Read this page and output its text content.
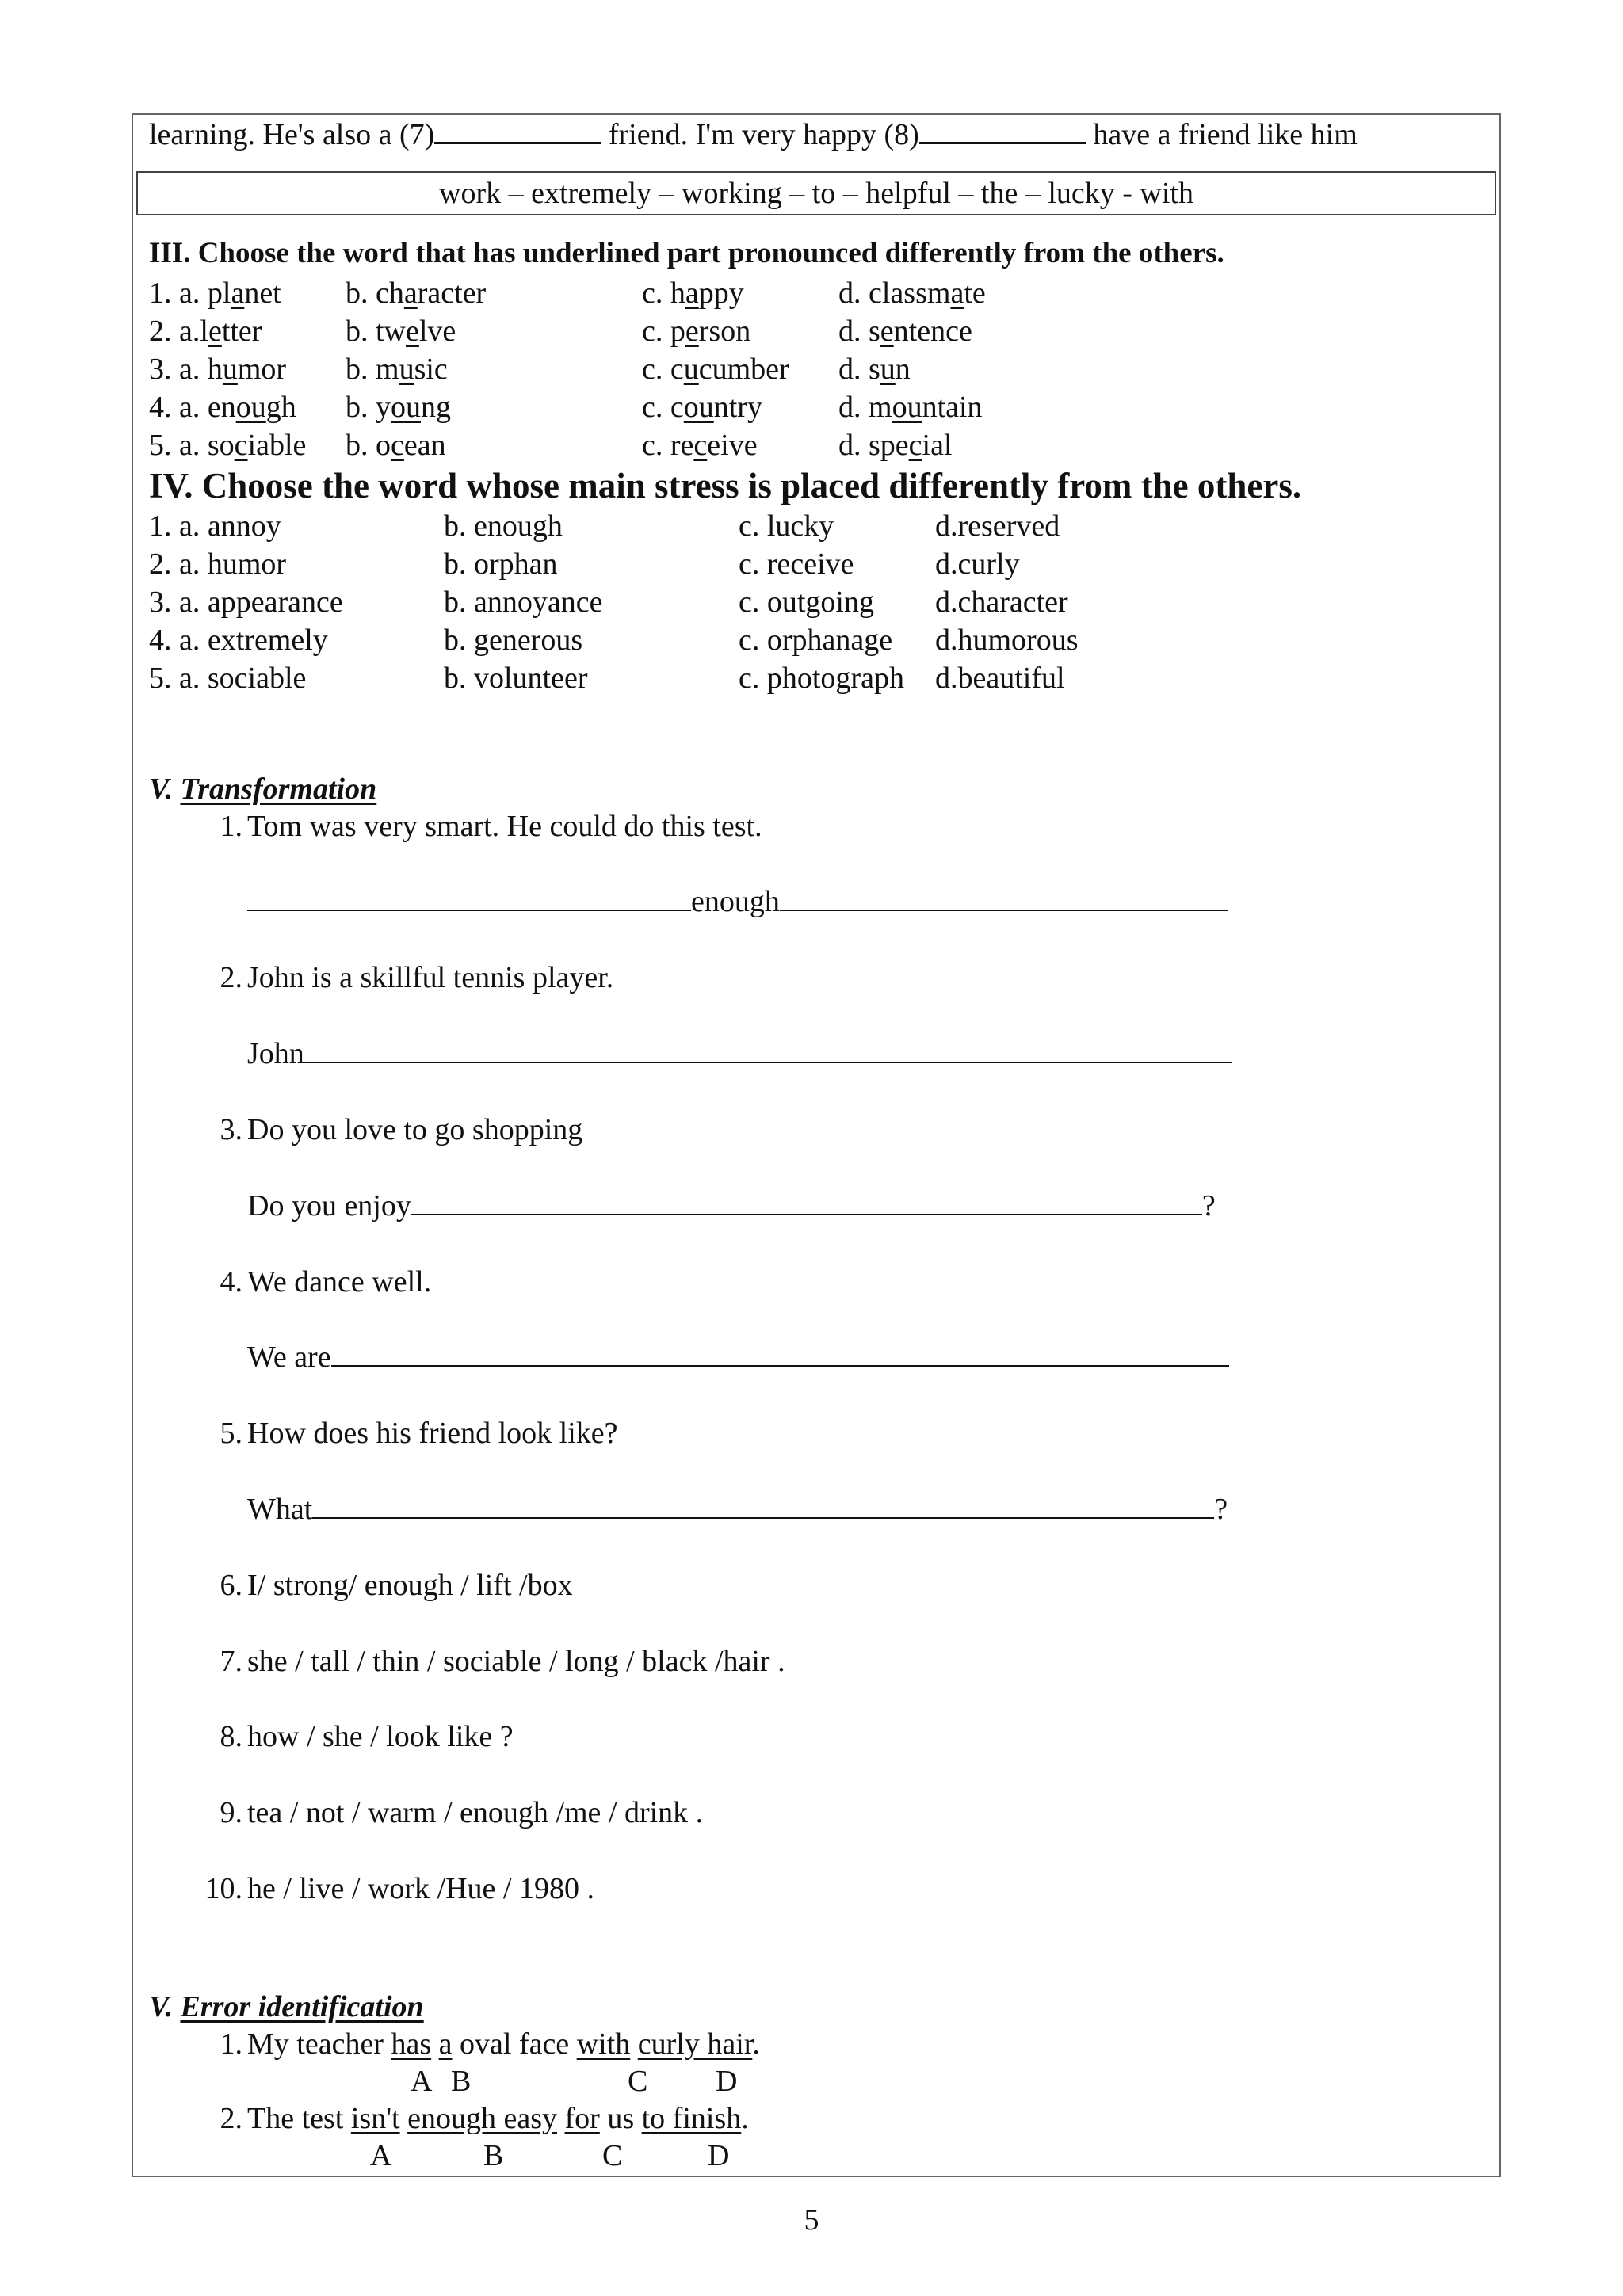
learning. He's also a (7)	friend. I'm very happy (8)	have a friend like him
work – extremely – working – to – helpful – the – lucky - with
III. Choose the word that has underlined part pronounced differently from the others.
1. a. planet b. character	c. happy	d. classmate
2. a.letter	b. twelve	c. person	d. sentence
3. a. humor b. music	c. cucumber d. sun
4. a. enough b. young	c. country	d. mountain
5. a. sociable b. ocean	c. receive	d. special
IV. Choose the word whose main stress is placed differently from the others.
1. a. annoy	b. enough	c. lucky	d.reserved
2. a. humor	b. orphan	c. receive	d.curly
3. a. appearance	b. annoyance	c. outgoing d.character
4. a. extremely	b. generous	c. orphanage d.humorous
5. a. sociable	b. volunteer	c. photograph d.beautiful
V. Transformation
1. Tom was very smart. He could do this test.
enough
2. John is a skillful tennis player.
John
3. Do you love to go shopping
Do you enjoy	?
4. We dance well.
We are
5. How does his friend look like?
What	?
6. I/ strong/ enough / lift /box
7. she / tall / thin / sociable / long / black /hair .
8. how / she / look like ?
9. tea / not / warm / enough /me / drink .
10. he / live / work /Hue / 1980 .
V. Error identification
1. My teacher has a oval face with curly hair.
A B	C D
2. The test isn't enough easy for us to finish.
A	B	C	D
5
